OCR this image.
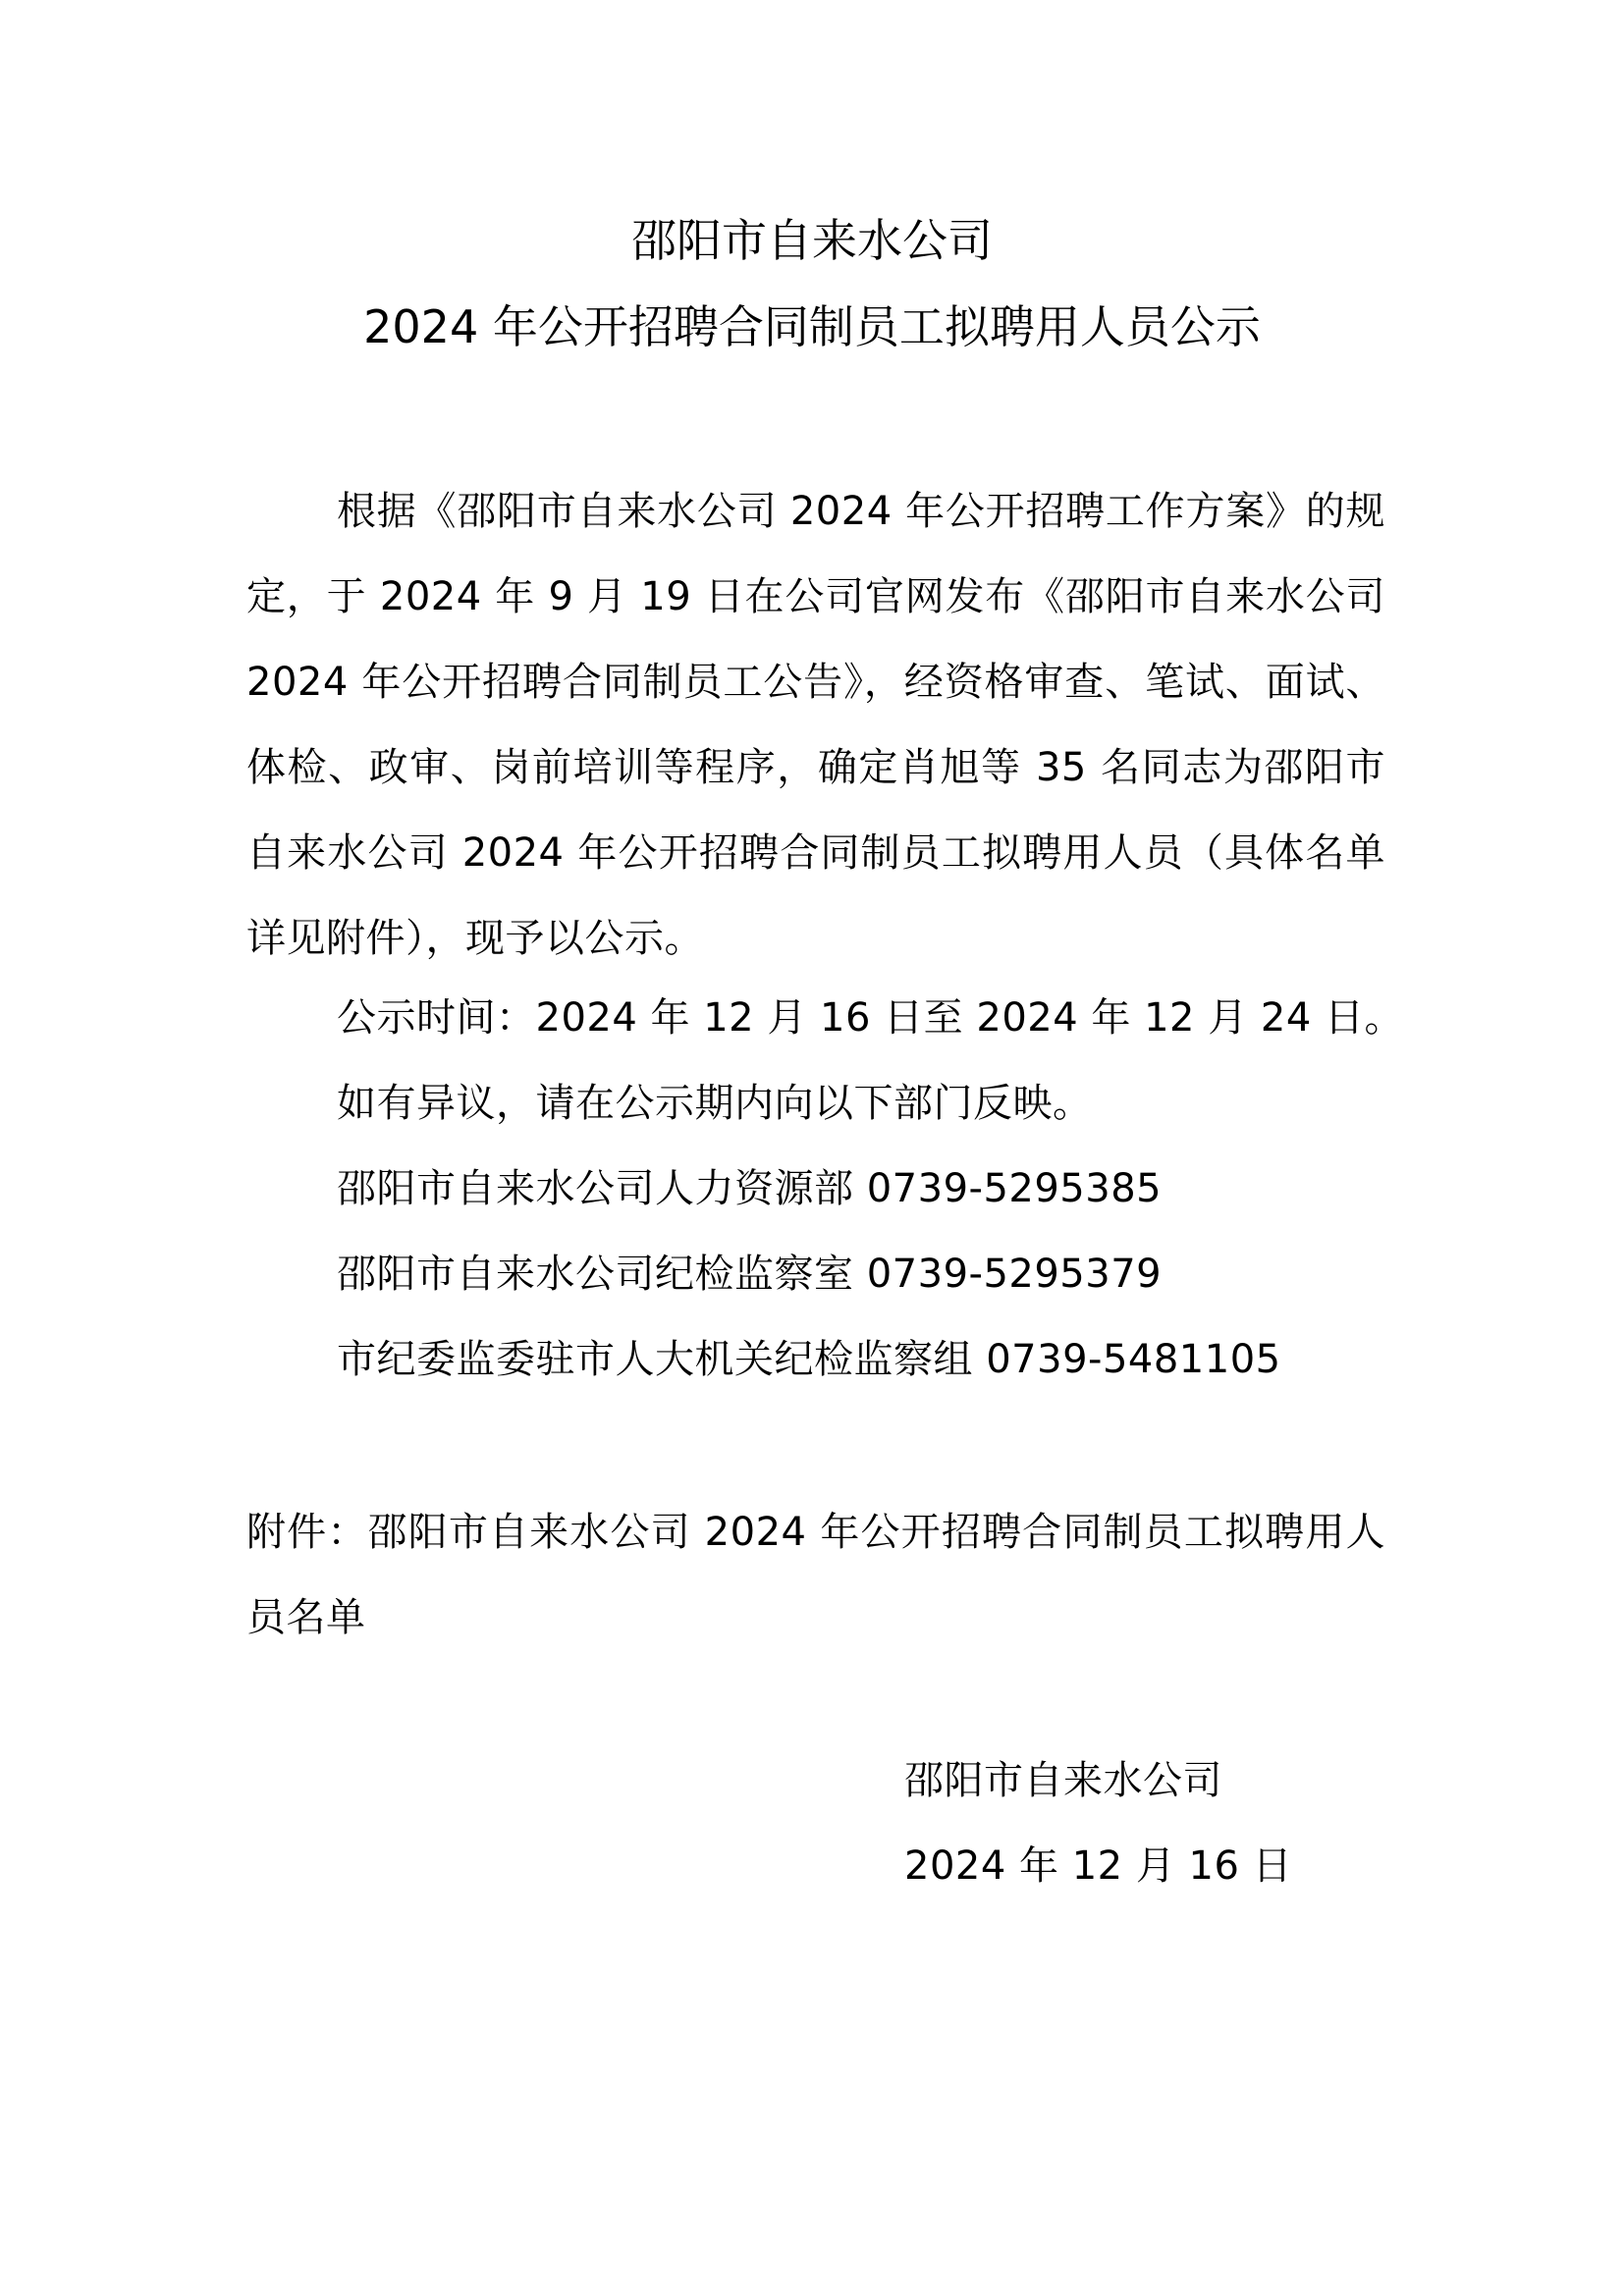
邵阳市自来水公司
2024 年公开招聘合同制员工拟聘用人员公示
根据《邵阳市自来水公司 2024 年公开招聘工作方案》的规定，于 2024 年 9 月 19 日在公司官网发布《邵阳市自来水公司 2024 年公开招聘合同制员工公告》，经资格审查、笔试、面试、体检、政审、岗前培训等程序，确定肖旭等 35 名同志为邵阳市自来水公司 2024 年公开招聘合同制员工拟聘用人员（具体名单详见附件），现予以公示。
公示时间：2024 年 12 月 16 日至 2024 年 12 月 24 日。
如有异议，请在公示期内向以下部门反映。
邵阳市自来水公司人力资源部 0739-5295385
邵阳市自来水公司纪检监察室 0739-5295379
市纪委监委驻市人大机关纪检监察组 0739-5481105
附件：邵阳市自来水公司 2024 年公开招聘合同制员工拟聘用人员名单
邵阳市自来水公司
2024 年 12 月 16 日
